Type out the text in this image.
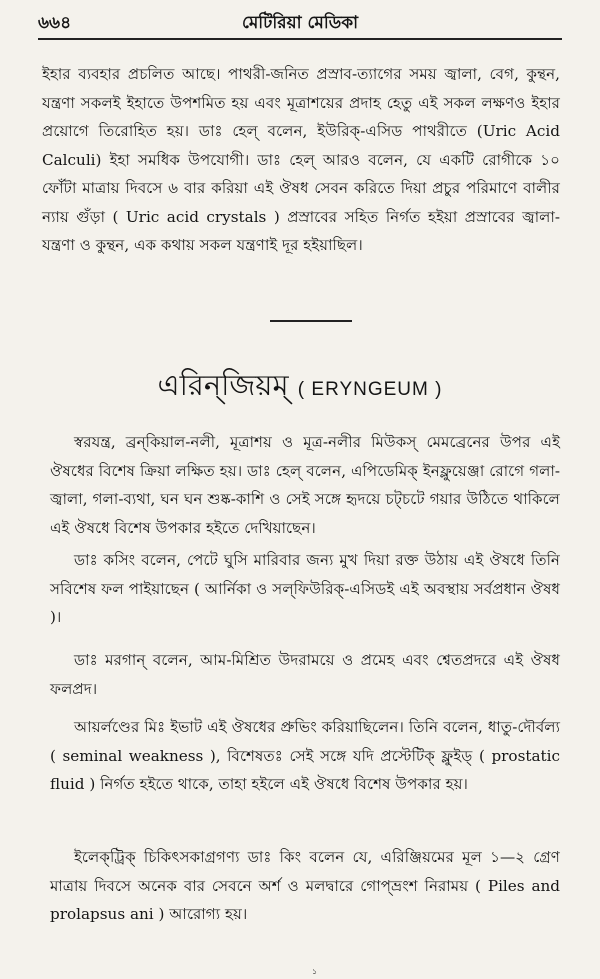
৬৬৪	মেটিরিয়া মেডিকা

ইহার ব্যবহার প্রচলিত আছে। পাথরী-জনিত প্রস্রাব-ত্যাগের সময় জ্বালা, বেগ, কুন্থন, যন্ত্রণা সকলই ইহাতে উপশমিত হয় এবং মূত্রাশয়ের প্রদাহ হেতু এই সকল লক্ষণও ইহার প্রয়োগে তিরোহিত হয়। ডাঃ হেল্ বলেন, ইউরিক্-এসিড পাথরীতে (Uric Acid Calculi) ইহা সমধিক উপযোগী। ডাঃ হেল্ আরও বলেন, যে একটি রোগীকে ১০ ফোঁটা মাত্রায় দিবসে ৬ বার করিয়া এই ঔষধ সেবন করিতে দিয়া প্রচুর পরিমাণে বালীর ন্যায় গুঁড়া ( Uric acid crystals ) প্রস্রাবের সহিত নির্গত হইয়া প্রস্রাবের জ্বালা-যন্ত্রণা ও কুন্থন, এক কথায় সকল যন্ত্রণাই দূর হইয়াছিল।

এরিন্‌জিয়ম্ ( ERYNGEUM )

স্বরযন্ত্র, ব্রন্‌কিয়াল-নলী, মূত্রাশয় ও মূত্র-নলীর মিউকস্ মেমব্রেনের উপর এই ঔষধের বিশেষ ক্রিয়া লক্ষিত হয়। ডাঃ হেল্ বলেন, এপিডেমিক্ ইনফ্লুয়েঞ্জা রোগে গলা-জ্বালা, গলা-ব্যথা, ঘন ঘন শুষ্ক-কাশি ও সেই সঙ্গে হৃদয়ে চট্‌চটে গয়ার উঠিতে থাকিলে এই ঔষধে বিশেষ উপকার হইতে দেখিয়াছেন।

ডাঃ কসিং বলেন, পেটে ঘুসি মারিবার জন্য মুখ দিয়া রক্ত উঠায় এই ঔষধে তিনি সবিশেষ ফল পাইয়াছেন ( আর্নিকা ও সল্‌ফিউরিক্-এসিডই এই অবস্থায় সর্বপ্রধান ঔষধ )।

ডাঃ মরগান্ বলেন, আম-মিশ্রিত উদরাময়ে ও প্রমেহ এবং শ্বেতপ্রদরে এই ঔষধ ফলপ্রদ।

আয়র্লণ্ডের মিঃ ইভাট এই ঔষধের প্রুভিং করিয়াছিলেন। তিনি বলেন, ধাতু-দৌর্বল্য ( seminal weakness ), বিশেষতঃ সেই সঙ্গে যদি প্রস্টেটিক্ ফ্লুইড্ ( prostatic fluid ) নির্গত হইতে থাকে, তাহা হইলে এই ঔষধে বিশেষ উপকার হয়।

ইলেক্‌ট্রিক্ চিকিৎসকাগ্রগণ্য ডাঃ কিং বলেন যে, এরিঞ্জিয়মের মূল ১—২ গ্রেণ মাত্রায় দিবসে অনেক বার সেবনে অর্শ ও মলদ্বারে গোপ্‌ভ্রংশ নিরাময় ( Piles and prolapsus ani ) আরোগ্য হয়।

১
